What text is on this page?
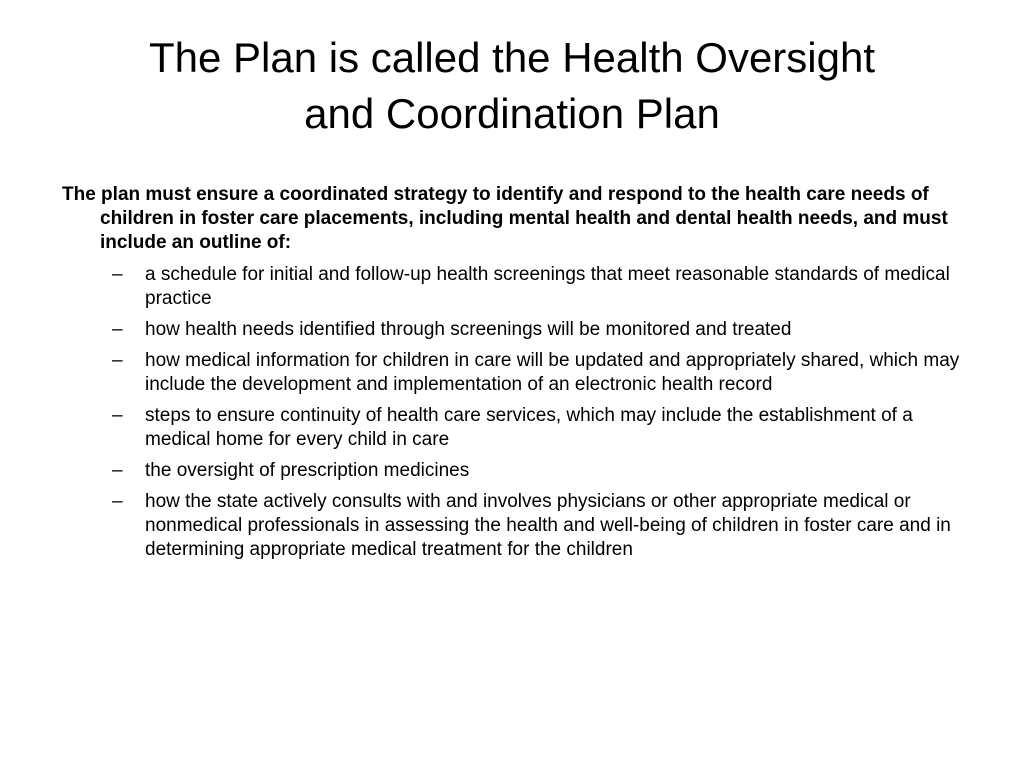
The Plan is called the Health Oversight
and Coordination Plan

The plan must ensure a coordinated strategy to identify and respond to the health care needs of children in foster care placements, including mental health and dental health needs, and must include an outline of:

– a schedule for initial and follow-up health screenings that meet reasonable standards of medical practice
– how health needs identified through screenings will be monitored and treated
– how medical information for children in care will be updated and appropriately shared, which may include the development and implementation of an electronic health record
– steps to ensure continuity of health care services, which may include the establishment of a medical home for every child in care
– the oversight of prescription medicines
– how the state actively consults with and involves physicians or other appropriate medical or nonmedical professionals in assessing the health and well-being of children in foster care and in determining appropriate medical treatment for the children
